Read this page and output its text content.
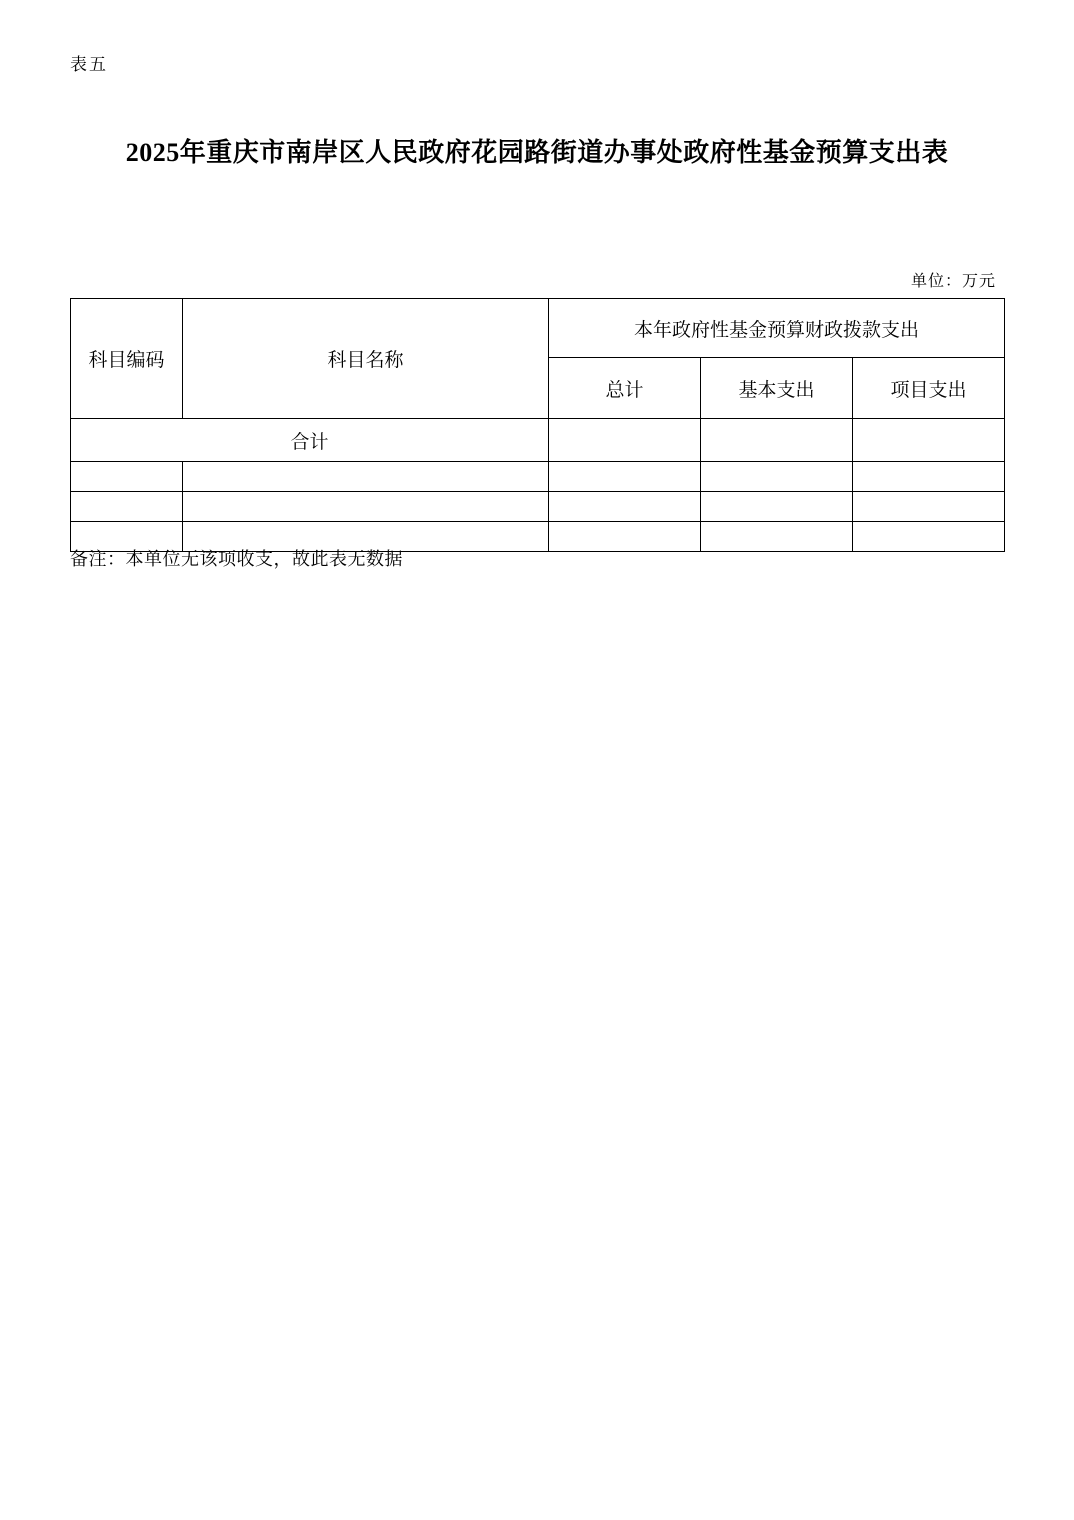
表五
2025年重庆市南岸区人民政府花园路街道办事处政府性基金预算支出表
单位：万元
科目编码	科目名称	本年政府性基金预算财政拨款支出		
		总计	基本支出	项目支出
合计				

备注：本单位无该项收支，故此表无数据
